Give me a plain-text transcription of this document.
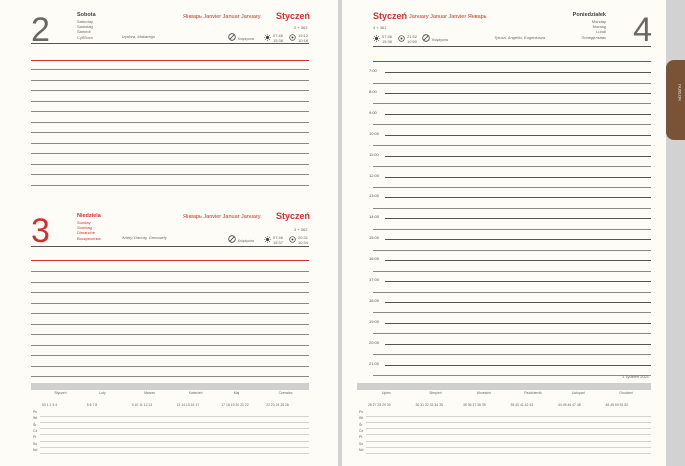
2	Sobota
Saturday
Samstag
Samedi
Субботa	Izydora, Makarego
Январь Janvier Januar January Styczeń
2 + 363
Księżyców
07:46
15:38
19:12
10:18
3	Niedziela
Sunday
Sonntag
Dimanche
Воскресенье	Arlety, Danuty, Genowefy
Январь Janvier Januar January Styczeń
3 + 362
Księżyców
07:46
15:37
20:31
10:34
Styczeń
53 1 2 3 4
Luty
5 6 7 8
Marzec
9 10 11 12 13
Kwiecień
13 14 15 16 17
Maj
17 18 19 20 21 22
Czerwiec
22 23 24 25 26
Pn
Wt
Śr
Cz
Pt
So
Nd
Styczeń January Januar Janvier Январь
4 + 361
07:46
15:38
21:52
10:50	Księżyców	Tytusa, Angeliki, Eugeniusza
Poniedziałek
Monday
Montag
Lundi
Понедельник 4
7:00
8:00
9:00
10:00
11:00
12:00
13:00
14:00
15:00
16:00
17:00
18:00
19:00
20:00
21:00
1 Tydzień 2021
Lipiec
26 27 28 29 30
Sierpień
30 31 32 33 34 35
Wrzesień
35 36 37 38 39
Październik
39 40 41 42 43
Listopad
44 45 46 47 48
Grudzień
48 49 50 51 52
Pn
Wt
Śr
Cz
Pt
So
Nd
NOTATKI
